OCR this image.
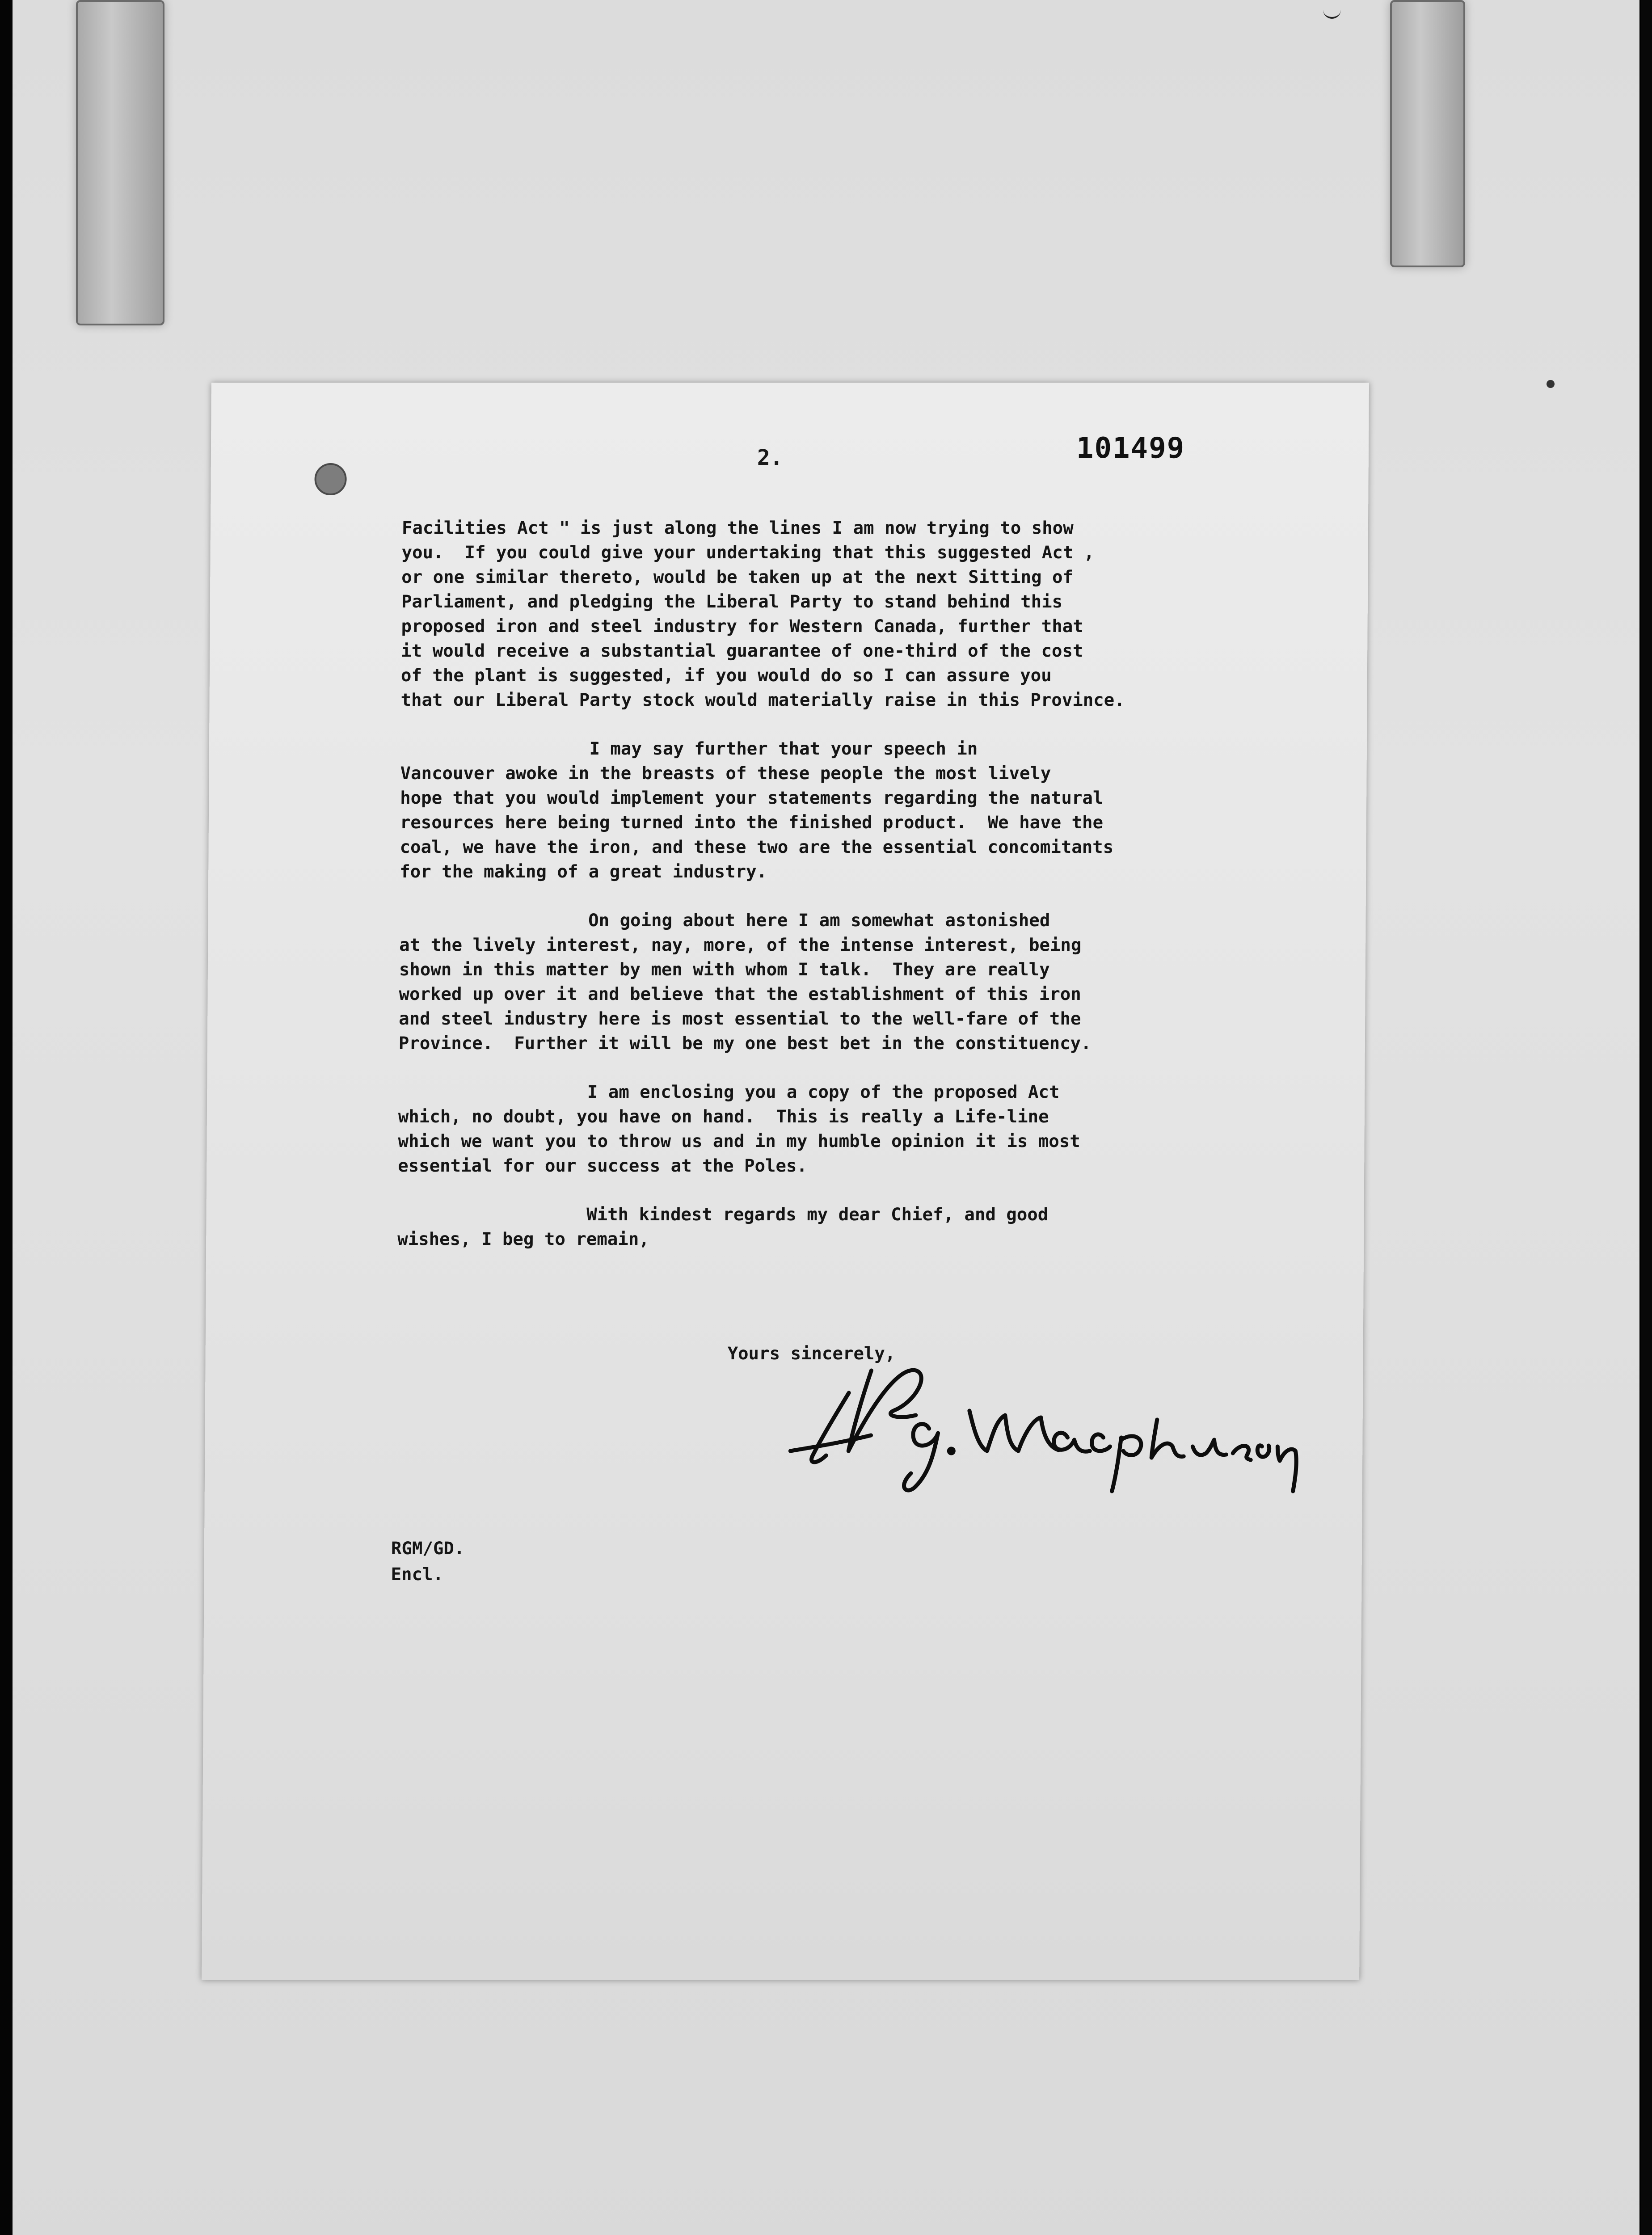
2.	101499
Facilities Act " is just along the lines I am now trying to show
you.  If you could give your undertaking that this suggested Act ,
or one similar thereto, would be taken up at the next Sitting of
Parliament, and pledging the Liberal Party to stand behind this
proposed iron and steel industry for Western Canada, further that
it would receive a substantial guarantee of one-third of the cost
of the plant is suggested, if you would do so I can assure you
that our Liberal Party stock would materially raise in this Province.
I may say further that your speech in
Vancouver awoke in the breasts of these people the most lively
hope that you would implement your statements regarding the natural
resources here being turned into the finished product.  We have the
coal, we have the iron, and these two are the essential concomitants
for the making of a great industry.
On going about here I am somewhat astonished
at the lively interest, nay, more, of the intense interest, being
shown in this matter by men with whom I talk.  They are really
worked up over it and believe that the establishment of this iron
and steel industry here is most essential to the well-fare of the
Province.  Further it will be my one best bet in the constituency.
I am enclosing you a copy of the proposed Act
which, no doubt, you have on hand.  This is really a Life-line
which we want you to throw us and in my humble opinion it is most
essential for our success at the Poles.
With kindest regards my dear Chief, and good
wishes, I beg to remain,
Yours sincerely,
RGM/GD.
Encl.
